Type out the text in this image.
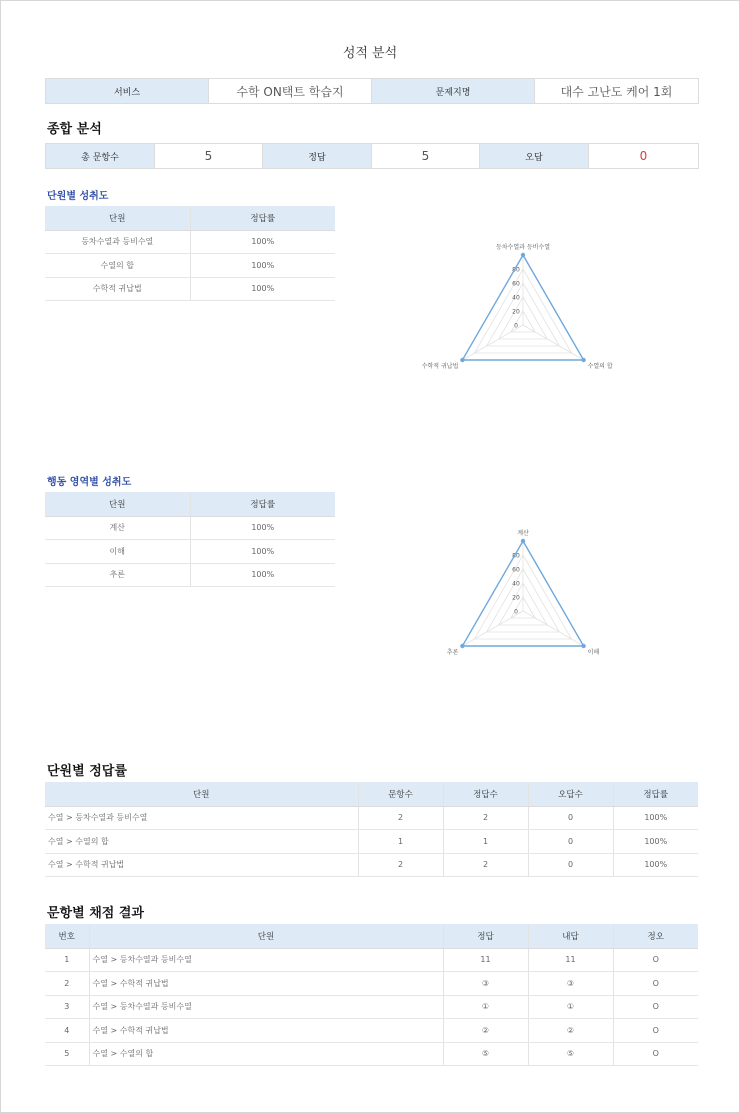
성적 분석
서비스	수학 ON택트 학습지	문제지명	대수 고난도 케어 1회
종합 분석
총 문항수	5	정답	5	오답	0
단원별 성취도
단원	정답률
등차수열과 등비수열	100%
수열의 합	100%
수학적 귀납법	100%
0
20
40
60
80
등차수열과 등비수열
수열의 합
수학적 귀납법
행동 영역별 성취도
단원	정답률
계산	100%
이해	100%
추론	100%
0
20
40
60
80
계산
이해
추론
단원별 정답률
단원	문항수	정답수	오답수	정답률
수열 > 등차수열과 등비수열	2	2	0	100%
수열 > 수열의 합	1	1	0	100%
수열 > 수학적 귀납법	2	2	0	100%
문항별 채점 결과
번호	단원	정답	내답	정오
1	수열 > 등차수열과 등비수열	11	11	O
2	수열 > 수학적 귀납법	③	③	O
3	수열 > 등차수열과 등비수열	①	①	O
4	수열 > 수학적 귀납법	②	②	O
5	수열 > 수열의 합	⑤	⑤	O
